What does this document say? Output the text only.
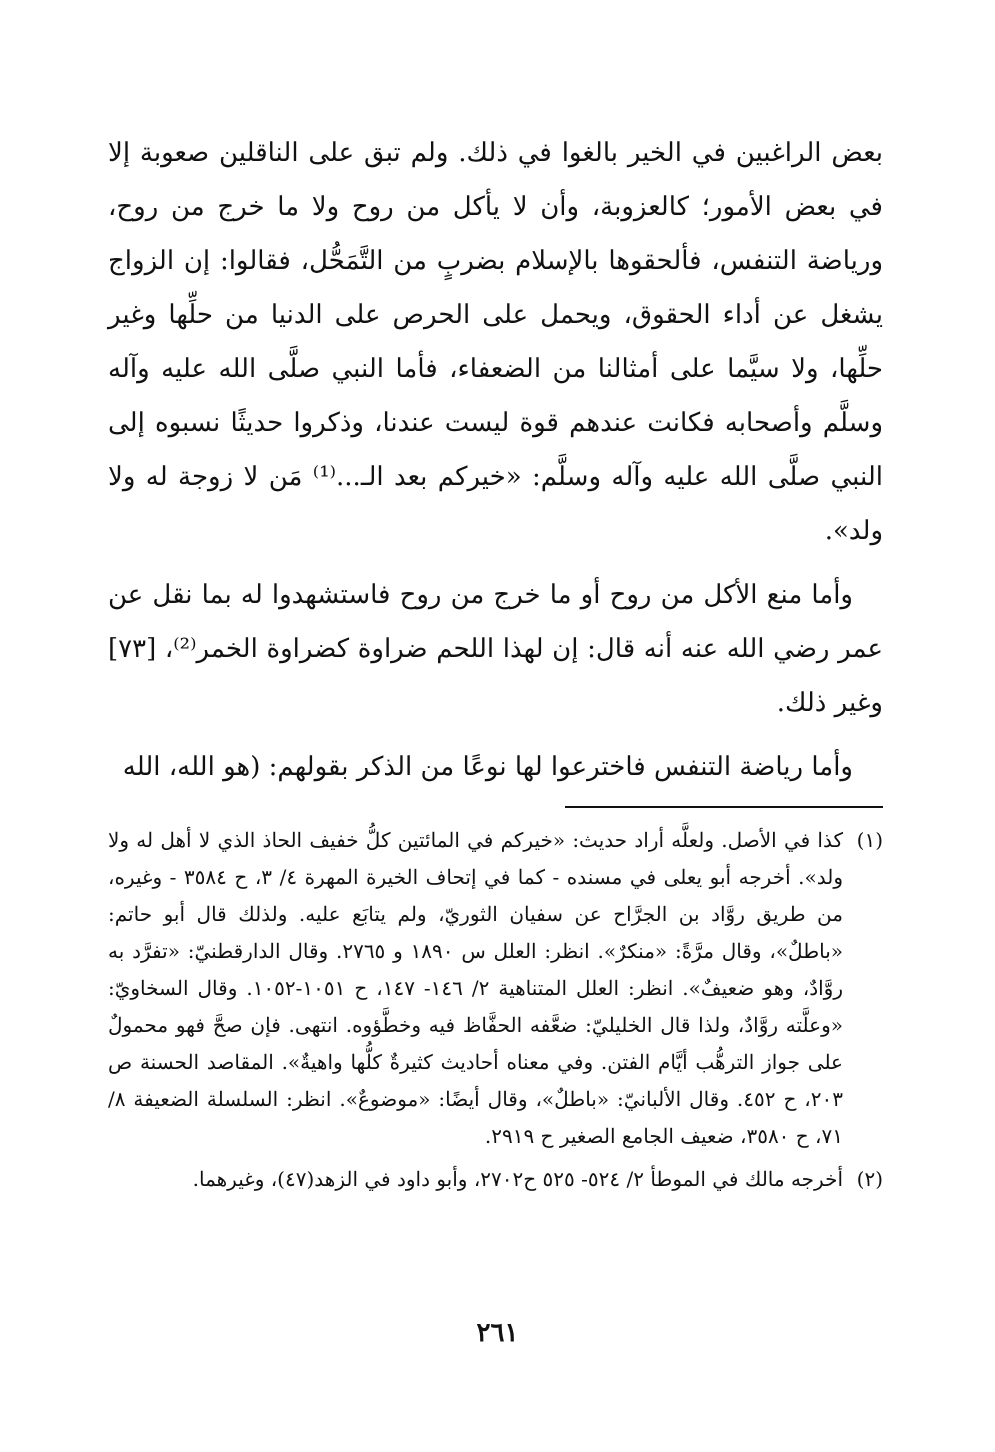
بعض الراغبين في الخير بالغوا في ذلك. ولم تبق على الناقلين صعوبة إلا في بعض الأمور؛ كالعزوبة، وأن لا يأكل من روح ولا ما خرج من روح، ورياضة التنفس، فألحقوها بالإسلام بضربٍ من التَّمَحُّل، فقالوا: إن الزواج يشغل عن أداء الحقوق، ويحمل على الحرص على الدنيا من حلِّها وغير حلِّها، ولا سيَّما على أمثالنا من الضعفاء، فأما النبي صلَّى الله عليه وآله وسلَّم وأصحابه فكانت عندهم قوة ليست عندنا، وذكروا حديثًا نسبوه إلى النبي صلَّى الله عليه وآله وسلَّم: «خيركم بعد الـ...⁽¹⁾ مَن لا زوجة له ولا ولد».

وأما منع الأكل من روح أو ما خرج من روح فاستشهدوا له بما نقل عن عمر رضي الله عنه أنه قال: إن لهذا اللحم ضراوة كضراوة الخمر⁽²⁾، [٧٣] وغير ذلك.

وأما رياضة التنفس فاخترعوا لها نوعًا من الذكر بقولهم: (هو الله، الله

(١)
كذا في الأصل. ولعلَّه أراد حديث: «خيركم في المائتين كلُّ خفيف الحاذ الذي لا أهل له ولا ولد». أخرجه أبو يعلى في مسنده - كما في إتحاف الخيرة المهرة ٤/ ٣، ح ٣٥٨٤ - وغيره، من طريق روَّاد بن الجرَّاح عن سفيان الثوريّ، ولم يتابَع عليه. ولذلك قال أبو حاتم: «باطلٌ»، وقال مرَّةً: «منكرٌ». انظر: العلل س ١٨٩٠ و ٢٧٦٥. وقال الدارقطنيّ: «تفرَّد به روَّادٌ، وهو ضعيفٌ». انظر: العلل المتناهية ٢/ ١٤٦- ١٤٧، ح ١٠٥١-١٠٥٢. وقال السخاويّ: «وعلَّته روَّادٌ، ولذا قال الخليليّ: ضعَّفه الحفَّاظ فيه وخطَّؤوه. انتهى. فإن صحَّ فهو محمولٌ على جواز الترهُّب أيَّام الفتن. وفي معناه أحاديث كثيرةٌ كلُّها واهيةٌ». المقاصد الحسنة ص ٢٠٣، ح ٤٥٢. وقال الألبانيّ: «باطلٌ»، وقال أيضًا: «موضوعٌ». انظر: السلسلة الضعيفة ٨/ ٧١، ح ٣٥٨٠، ضعيف الجامع الصغير ح ٢٩١٩.
(٢)
أخرجه مالك في الموطأ ٢/ ٥٢٤- ٥٢٥ ح٢٧٠٢، وأبو داود في الزهد(٤٧)، وغيرهما.
٢٦١
